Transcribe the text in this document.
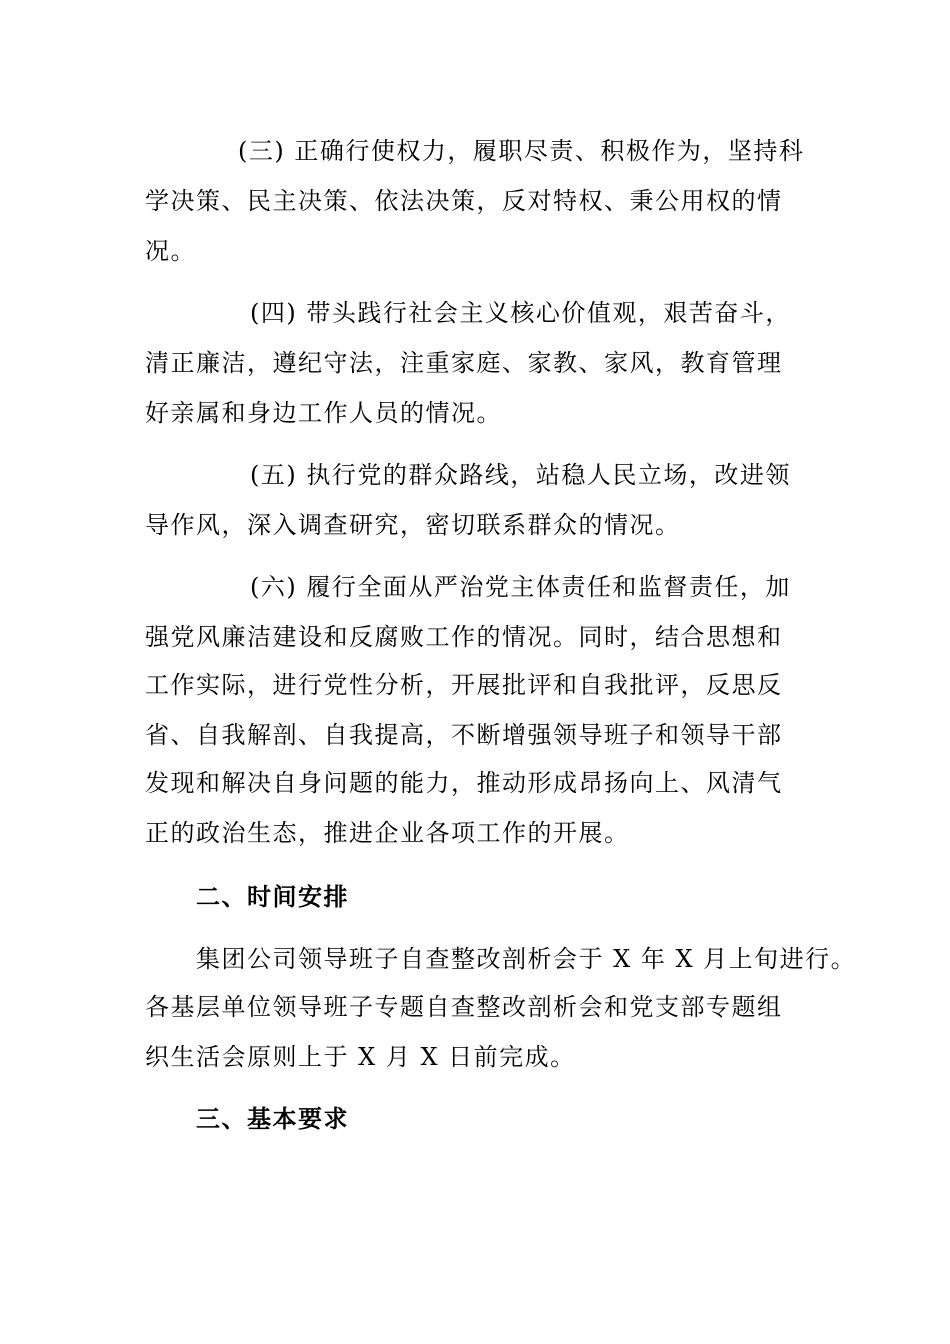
(三) 正确行使权力，履职尽责、积极作为，坚持科
学决策、民主决策、依法决策，反对特权、秉公用权的情
况。
(四) 带头践行社会主义核心价值观，艰苦奋斗，
清正廉洁，遵纪守法，注重家庭、家教、家风，教育管理
好亲属和身边工作人员的情况。
(五) 执行党的群众路线，站稳人民立场，改进领
导作风，深入调查研究，密切联系群众的情况。
(六) 履行全面从严治党主体责任和监督责任，加
强党风廉洁建设和反腐败工作的情况。同时，结合思想和
工作实际，进行党性分析，开展批评和自我批评，反思反
省、自我解剖、自我提高，不断增强领导班子和领导干部
发现和解决自身问题的能力，推动形成昂扬向上、风清气
正的政治生态，推进企业各项工作的开展。
二、时间安排
集团公司领导班子自查整改剖析会于 X 年 X 月上旬进行。
各基层单位领导班子专题自查整改剖析会和党支部专题组
织生活会原则上于 X 月 X 日前完成。
三、基本要求
